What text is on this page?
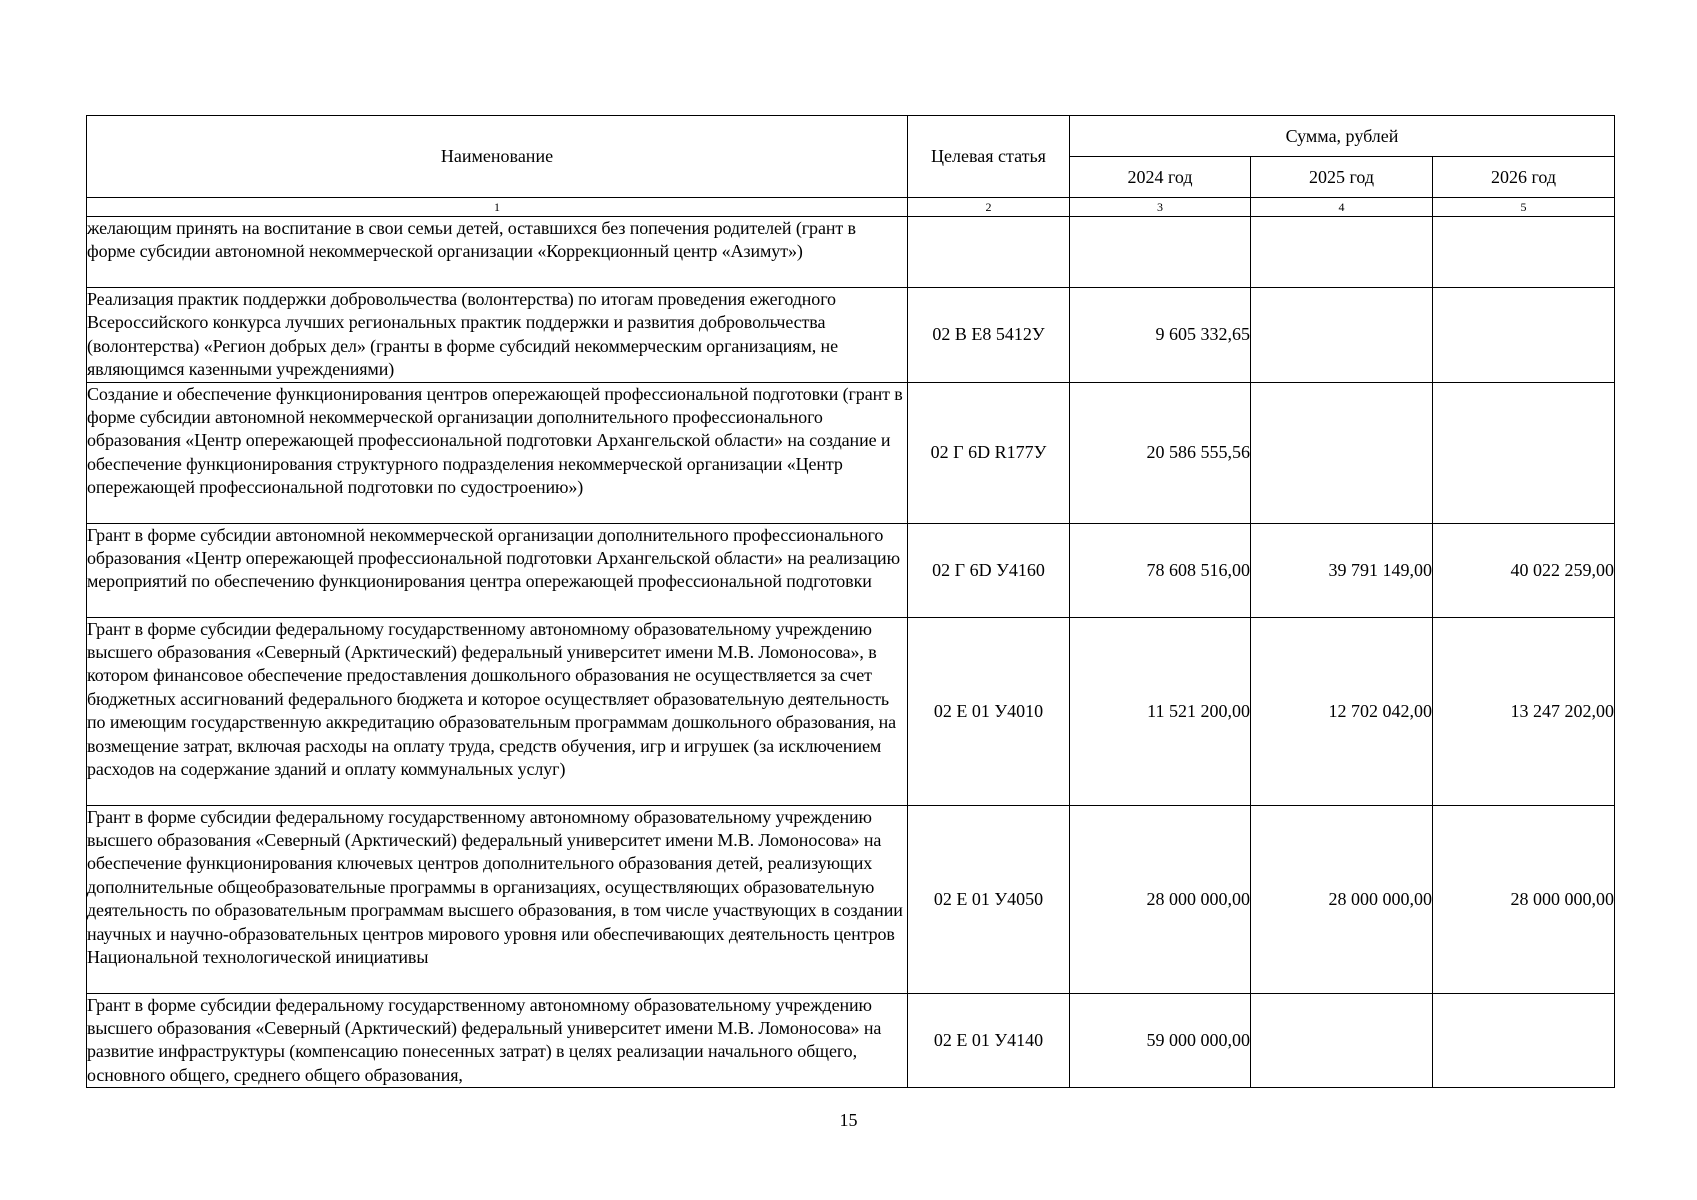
Наименование	Целевая статья	Сумма, рублей		
		2024 год	2025 год	2026 год
1	2	3	4	5
желающим принять на воспитание в свои семьи детей, оставшихся без попечения родителей (грант в форме субсидии автономной некоммерческой организации «Коррекционный центр «Азимут»)				
Реализация практик поддержки добровольчества (волонтерства) по итогам проведения ежегодного Всероссийского конкурса лучших региональных практик поддержки и развития добровольчества (волонтерства) «Регион добрых дел» (гранты в форме субсидий некоммерческим организациям, не являющимся казенными учреждениями)	02 В Е8 5412У	9 605 332,65		
Создание и обеспечение функционирования центров опережающей профессиональной подготовки (грант в форме субсидии автономной некоммерческой организации дополнительного профессионального образования «Центр опережающей профессиональной подготовки Архангельской области» на создание и обеспечение функционирования структурного подразделения некоммерческой организации «Центр опережающей профессиональной подготовки по судостроению»)	02 Г 6D R177У	20 586 555,56		
Грант в форме субсидии автономной некоммерческой организации дополнительного профессионального образования «Центр опережающей профессиональной подготовки Архангельской области» на реализацию мероприятий по обеспечению функционирования центра опережающей профессиональной подготовки	02 Г 6D У4160	78 608 516,00	39 791 149,00	40 022 259,00
Грант в форме субсидии федеральному государственному автономному образовательному учреждению высшего образования «Северный (Арктический) федеральный университет имени М.В. Ломоносова», в котором финансовое обеспечение предоставления дошкольного образования не осуществляется за счет бюджетных ассигнований федерального бюджета и которое осуществляет образовательную деятельность по имеющим государственную аккредитацию образовательным программам дошкольного образования, на возмещение затрат, включая расходы на оплату труда, средств обучения, игр и игрушек (за исключением расходов на содержание зданий и оплату коммунальных услуг)	02 Е 01 У4010	11 521 200,00	12 702 042,00	13 247 202,00
Грант в форме субсидии федеральному государственному автономному образовательному учреждению высшего образования «Северный (Арктический) федеральный университет имени М.В. Ломоносова» на обеспечение функционирования ключевых центров дополнительного образования детей, реализующих дополнительные общеобразовательные программы в организациях, осуществляющих образовательную деятельность по образовательным программам высшего образования, в том числе участвующих в создании научных и научно-образовательных центров мирового уровня или обеспечивающих деятельность центров Национальной технологической инициативы	02 Е 01 У4050	28 000 000,00	28 000 000,00	28 000 000,00
Грант в форме субсидии федеральному государственному автономному образовательному учреждению высшего образования «Северный (Арктический) федеральный университет имени М.В. Ломоносова» на развитие инфраструктуры (компенсацию понесенных затрат) в целях реализации начального общего, основного общего, среднего общего образования,	02 Е 01 У4140	59 000 000,00		
15
